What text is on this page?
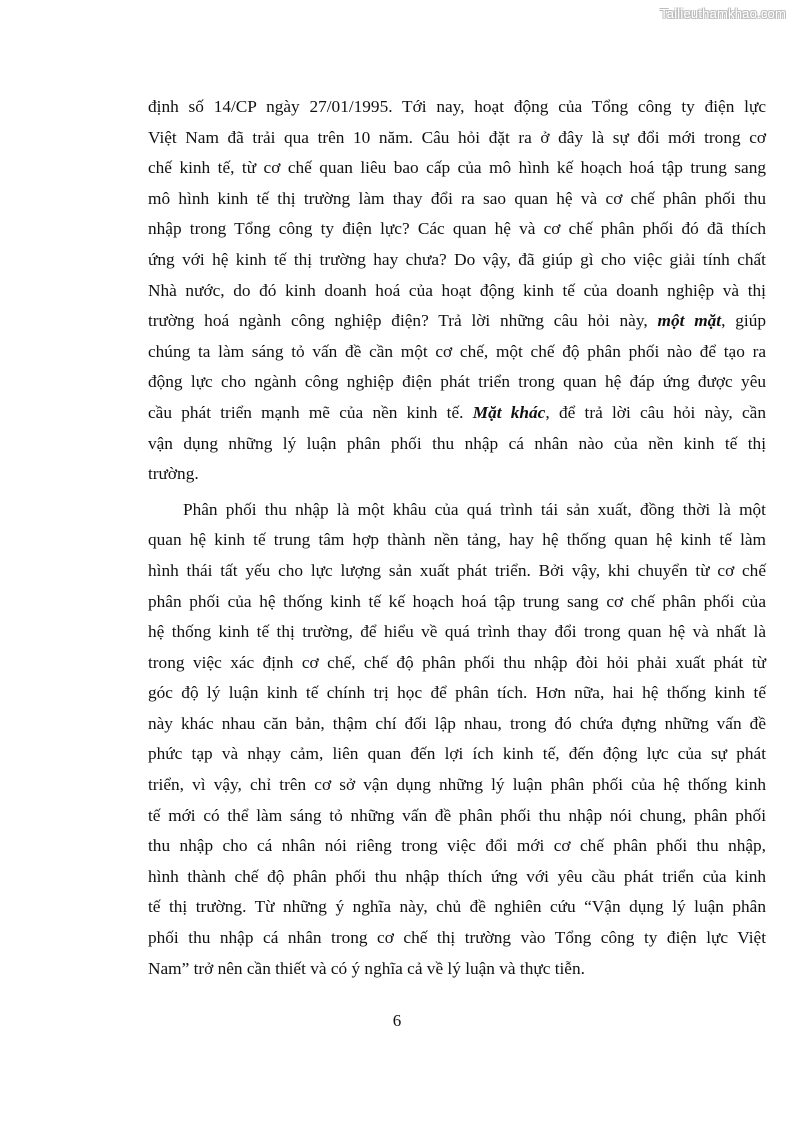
Tailieuthamkhao.com

định số 14/CP ngày 27/01/1995. Tới nay, hoạt động của Tổng công ty điện lực
Việt Nam đã trải qua trên 10 năm. Câu hỏi đặt ra ở đây là sự đổi mới trong cơ
chế kinh tế, từ cơ chế quan liêu bao cấp của mô hình kế hoạch hoá tập trung sang
mô hình kinh tế thị trường làm thay đổi ra sao quan hệ và cơ chế phân phối thu
nhập trong Tổng công ty điện lực? Các quan hệ và cơ chế phân phối đó đã thích
ứng với hệ kinh tế thị trường hay chưa? Do vậy, đã giúp gì cho việc giải tính chất
Nhà nước, do đó kinh doanh hoá của hoạt động kinh tế của doanh nghiệp và thị
trường hoá ngành công nghiệp điện? Trả lời những câu hỏi này, một mặt, giúp
chúng ta làm sáng tỏ vấn đề cần một cơ chế, một chế độ phân phối nào để tạo ra
động lực cho ngành công nghiệp điện phát triển trong quan hệ đáp ứng được yêu
cầu phát triển mạnh mẽ của nền kinh tế. Mặt khác, để trả lời câu hỏi này, cần
vận dụng những lý luận phân phối thu nhập cá nhân nào của nền kinh tế thị
trường.

Phân phối thu nhập là một khâu của quá trình tái sản xuất, đồng thời là một
quan hệ kinh tế trung tâm hợp thành nền tảng, hay hệ thống quan hệ kinh tế làm
hình thái tất yếu cho lực lượng sản xuất phát triển. Bởi vậy, khi chuyển từ cơ chế
phân phối của hệ thống kinh tế kế hoạch hoá tập trung sang cơ chế phân phối của
hệ thống kinh tế thị trường, để hiểu về quá trình thay đổi trong quan hệ và nhất là
trong việc xác định cơ chế, chế độ phân phối thu nhập đòi hỏi phải xuất phát từ
góc độ lý luận kinh tế chính trị học để phân tích. Hơn nữa, hai hệ thống kinh tế
này khác nhau căn bản, thậm chí đối lập nhau, trong đó chứa đựng những vấn đề
phức tạp và nhạy cảm, liên quan đến lợi ích kinh tế, đến động lực của sự phát
triển, vì vậy, chỉ trên cơ sở vận dụng những lý luận phân phối của hệ thống kinh
tế mới có thể làm sáng tỏ những vấn đề phân phối thu nhập nói chung, phân phối
thu nhập cho cá nhân nói riêng trong việc đổi mới cơ chế phân phối thu nhập,
hình thành chế độ phân phối thu nhập thích ứng với yêu cầu phát triển của kinh
tế thị trường. Từ những ý nghĩa này, chủ đề nghiên cứu “Vận dụng lý luận phân
phối thu nhập cá nhân trong cơ chế thị trường vào Tổng công ty điện lực Việt
Nam” trở nên cần thiết và có ý nghĩa cả về lý luận và thực tiễn.

6
